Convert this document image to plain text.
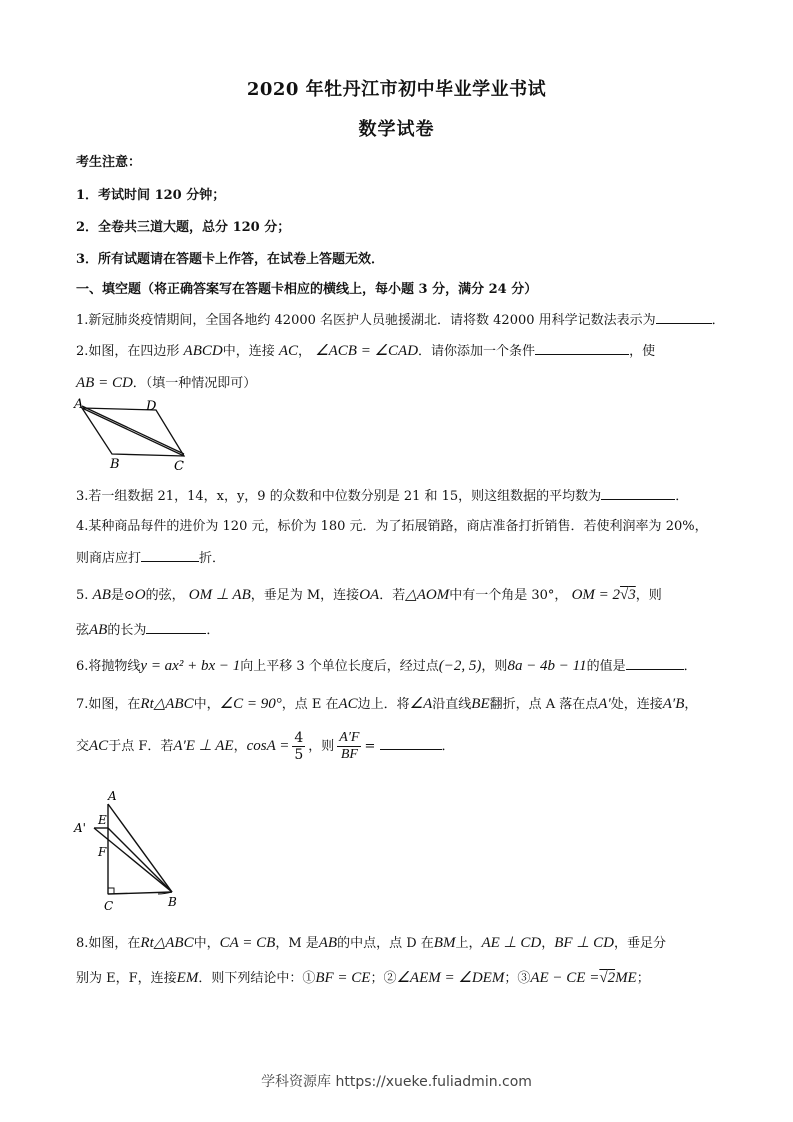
2020 年牡丹江市初中毕业学业书试
数学试卷
考生注意：
1．考试时间 120 分钟；
2．全卷共三道大题，总分 120 分；
3．所有试题请在答题卡上作答，在试卷上答题无效．
一、填空题（将正确答案写在答题卡相应的横线上，每小题 3 分，满分 24 分）
1.新冠肺炎疫情期间，全国各地约 42000 名医护人员驰援湖北．请将数 42000 用科学记数法表示为	．
2.如图，在四边形 ABCD中，连接 AC， ∠ACB = ∠CAD．请你添加一个条件	，使
AB = CD．（填一种情况即可）
A	D
B	C
3.若一组数据 21，14，x，y，9 的众数和中位数分别是 21 和 15，则这组数据的平均数为	．
4.某种商品每件的进价为 120 元，标价为 180 元．为了拓展销路，商店准备打折销售．若使利润率为 20%，
则商店应打	折．
5. AB是⊙O的弦， OM ⊥ AB，垂足为 M，连接OA．若△AOM中有一个角是 30°， OM = 2√3，则
弦AB的长为	．
6.将抛物线y = ax² + bx − 1向上平移 3 个单位长度后，经过点(−2, 5)，则8a − 4b − 11的值是	．
7.如图，在Rt△ABC中，∠C = 90°，点 E 在AC边上．将∠A沿直线BE翻折，点 A 落在点A′处，连接A′B，
交AC于点 F．若A′E ⊥ AE，$\cos A = \frac{4}{5}$ ，则 $\frac{A'F}{BF}$ =	．
A
A'
E
F
C	B
8.如图，在Rt△ABC中，CA = CB，M 是AB的中点，点 D 在BM上，AE ⊥ CD，BF ⊥ CD，垂足分
别为 E，F，连接EM．则下列结论中：①BF = CE；②∠AEM = ∠DEM；③AE − CE =√2ME；
学科资源库 https://xueke.fuliadmin.com
